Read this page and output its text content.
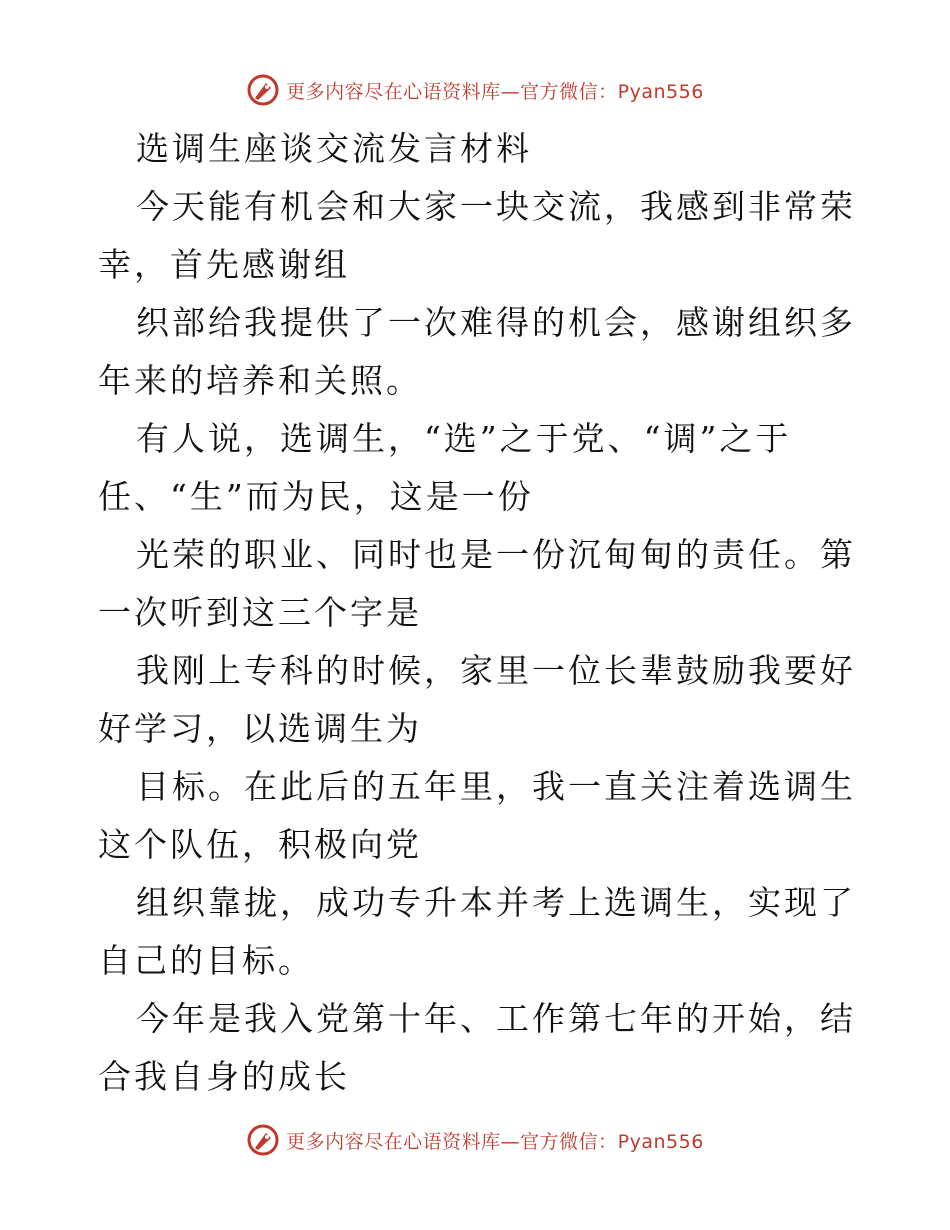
更多内容尽在心语资料库—官方微信：Pyan556

选调生座谈交流发言材料

今天能有机会和大家一块交流，我感到非常荣幸，首先感谢组

织部给我提供了一次难得的机会，感谢组织多年来的培养和关照。

有人说，选调生，“选”之于党、“调”之于任、“生”而为民，这是一份

光荣的职业、同时也是一份沉甸甸的责任。第一次听到这三个字是

我刚上专科的时候，家里一位长辈鼓励我要好好学习，以选调生为

目标。在此后的五年里，我一直关注着选调生这个队伍，积极向党

组织靠拢，成功专升本并考上选调生，实现了自己的目标。

今年是我入党第十年、工作第七年的开始，结合我自身的成长

更多内容尽在心语资料库—官方微信：Pyan556
